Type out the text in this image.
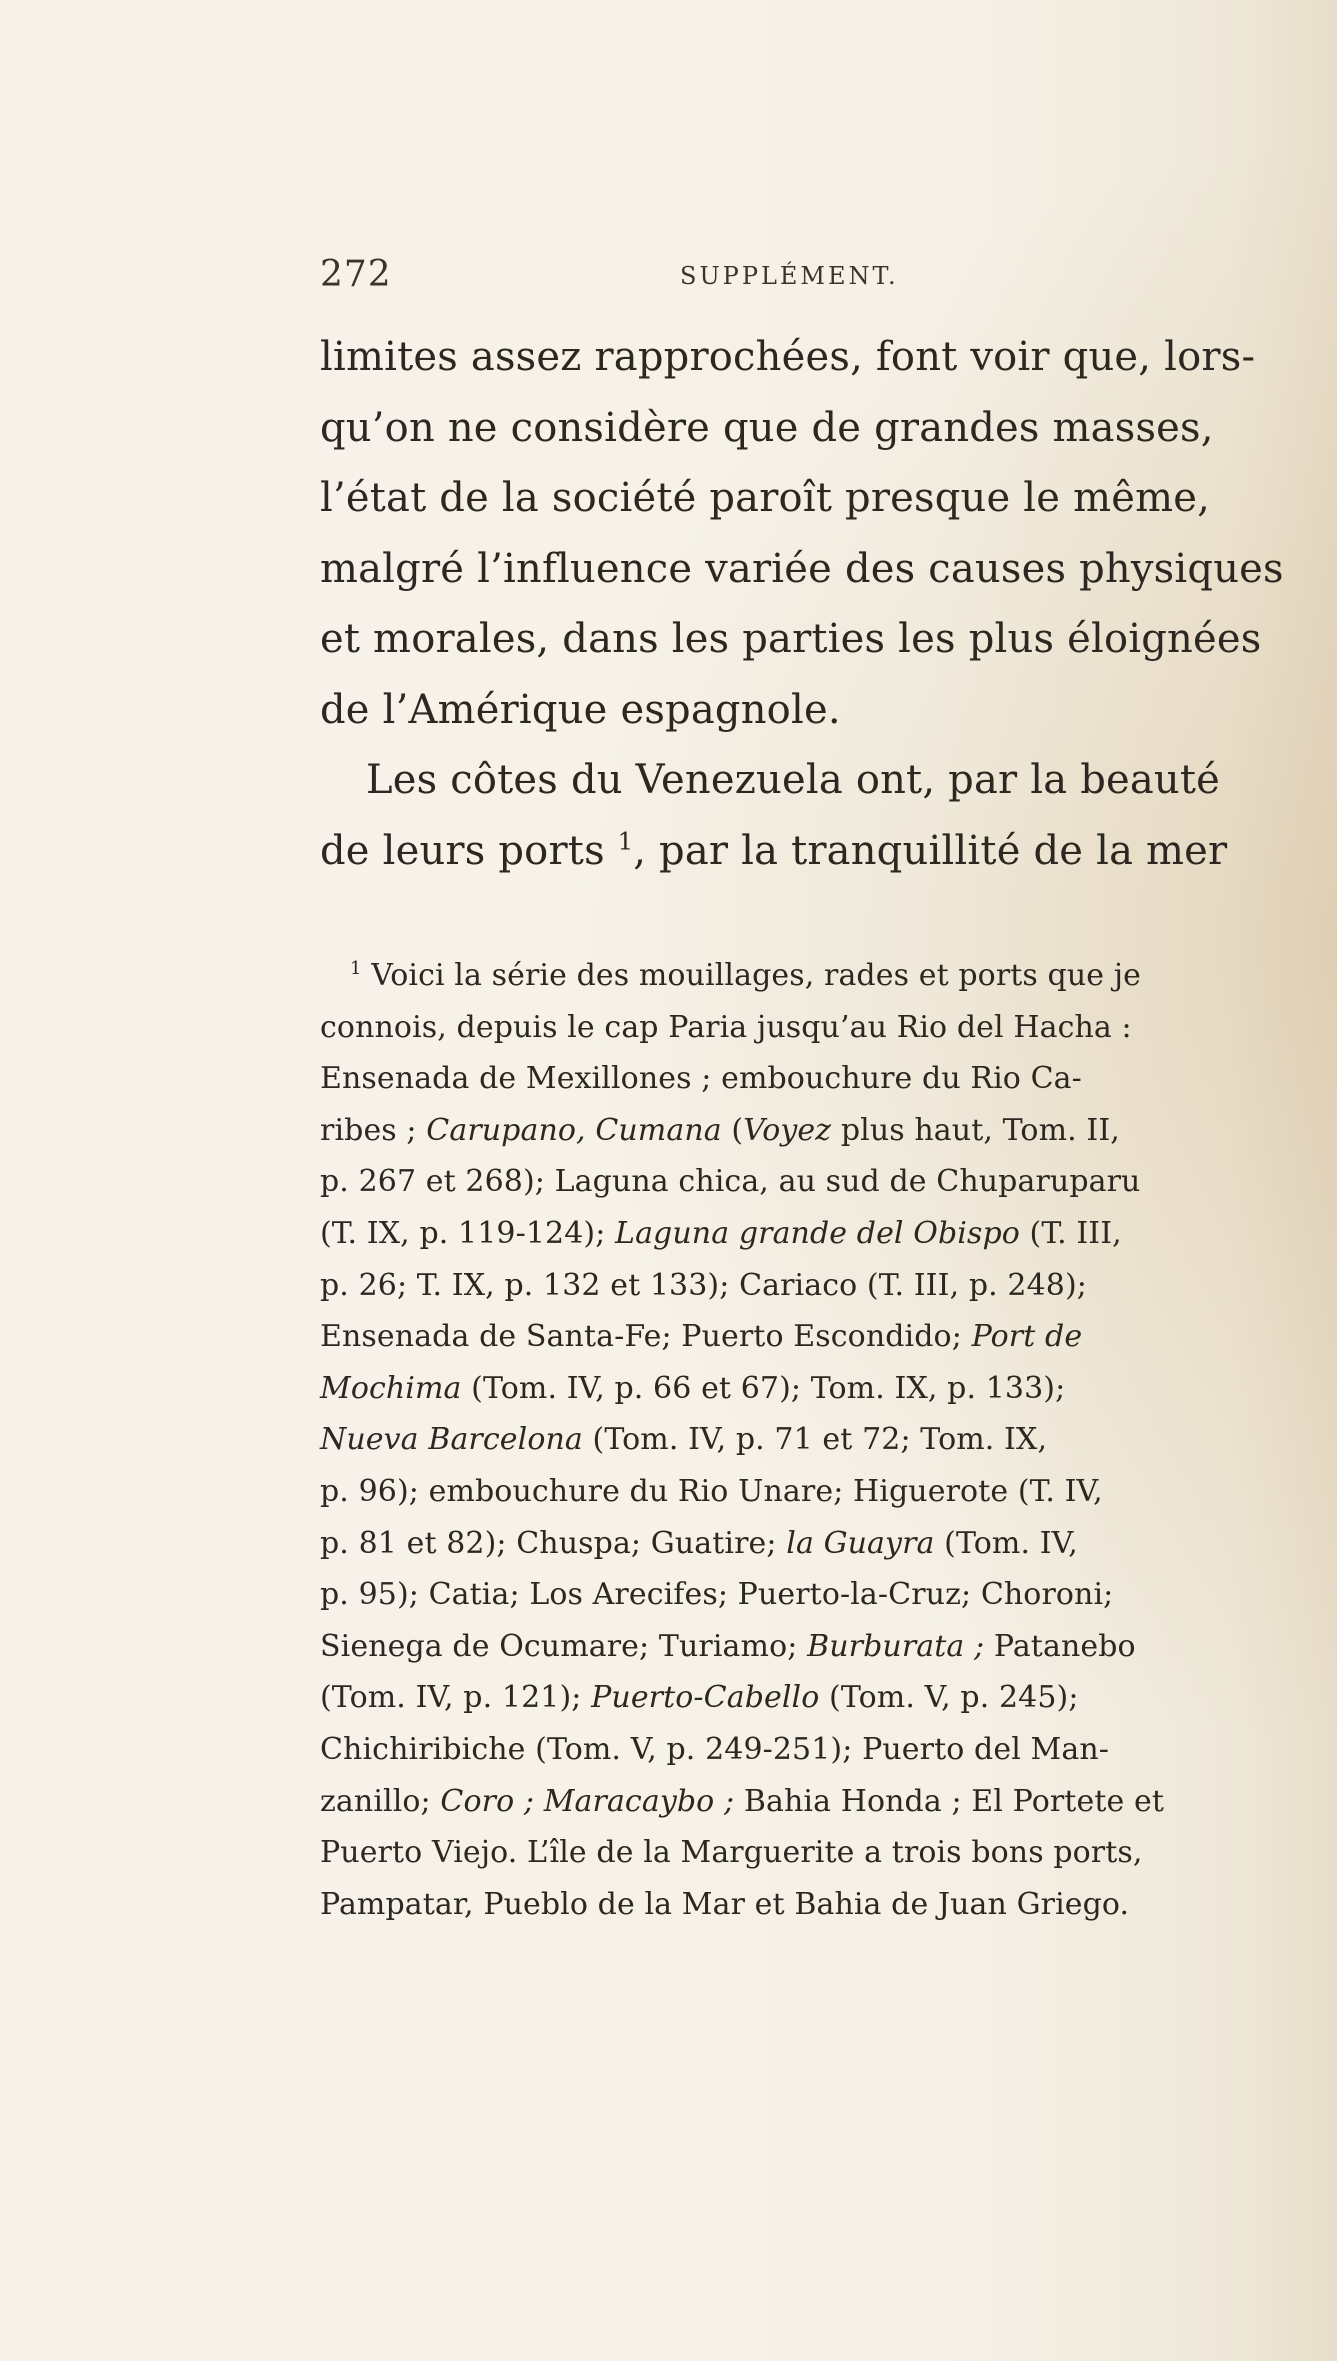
272	SUPPLÉMENT.
limites assez rapprochées, font voir que, lors-
qu’on ne considère que de grandes masses,
l’état de la société paroît presque le même,
malgré l’influence variée des causes physiques
et morales, dans les parties les plus éloignées
de l’Amérique espagnole.
Les côtes du Venezuela ont, par la beauté
de leurs ports $^1$, par la tranquillité de la mer
$^1$ Voici la série des mouillages, rades et ports que je
connois, depuis le cap Paria jusqu’au Rio del Hacha :
Ensenada de Mexillones ; embouchure du Rio Ca-
ribes ; Carupano, Cumana (Voyez plus haut, Tom. II,
p. 267 et 268); Laguna chica, au sud de Chuparuparu
(T. IX, p. 119-124); Laguna grande del Obispo (T. III,
p. 26; T. IX, p. 132 et 133); Cariaco (T. III, p. 248);
Ensenada de Santa-Fe; Puerto Escondido; Port de
Mochima (Tom. IV, p. 66 et 67); Tom. IX, p. 133);
Nueva Barcelona (Tom. IV, p. 71 et 72; Tom. IX,
p. 96); embouchure du Rio Unare; Higuerote (T. IV,
p. 81 et 82); Chuspa; Guatire; la Guayra (Tom. IV,
p. 95); Catia; Los Arecifes; Puerto-la-Cruz; Choroni;
Sienega de Ocumare; Turiamo; Burburata ; Patanebo
(Tom. IV, p. 121); Puerto-Cabello (Tom. V, p. 245);
Chichiribiche (Tom. V, p. 249-251); Puerto del Man-
zanillo; Coro ; Maracaybo ; Bahia Honda ; El Portete et
Puerto Viejo. L’île de la Marguerite a trois bons ports,
Pampatar, Pueblo de la Mar et Bahia de Juan Griego.
